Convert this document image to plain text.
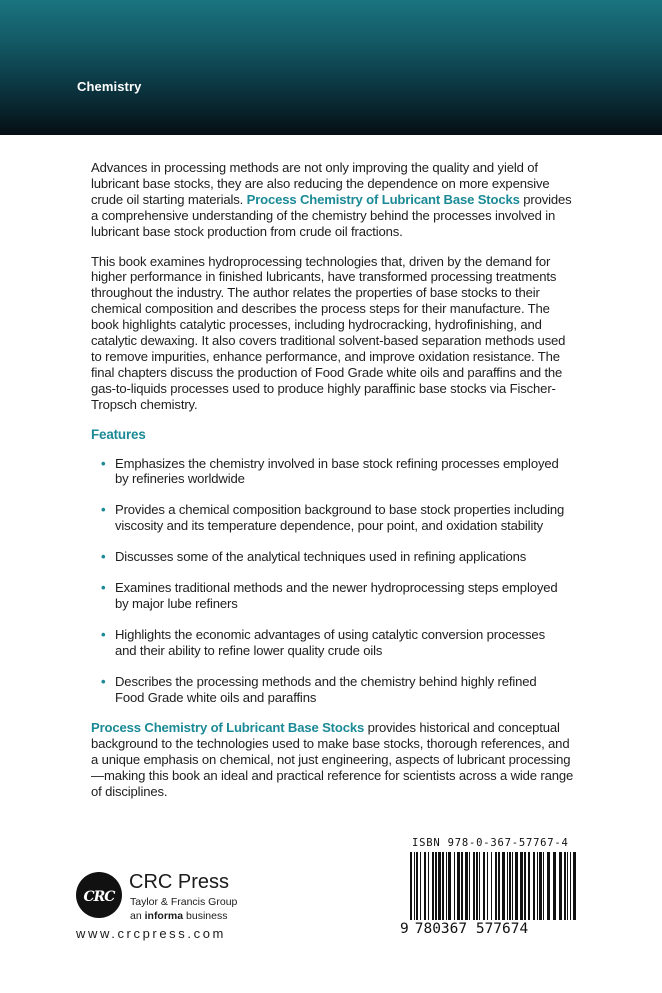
Chemistry

Advances in processing methods are not only improving the quality and yield of lubricant base stocks, they are also reducing the dependence on more expensive crude oil starting materials. Process Chemistry of Lubricant Base Stocks provides a comprehensive understanding of the chemistry behind the processes involved in lubricant base stock production from crude oil fractions.

This book examines hydroprocessing technologies that, driven by the demand for higher performance in finished lubricants, have transformed processing treatments throughout the industry. The author relates the properties of base stocks to their chemical composition and describes the process steps for their manufacture. The book highlights catalytic processes, including hydrocracking, hydrofinishing, and catalytic dewaxing. It also covers traditional solvent-based separation methods used to remove impurities, enhance performance, and improve oxidation resistance. The final chapters discuss the production of Food Grade white oils and paraffins and the gas-to-liquids processes used to produce highly paraffinic base stocks via Fischer-Tropsch chemistry.

Features
• Emphasizes the chemistry involved in base stock refining processes employed by refineries worldwide
• Provides a chemical composition background to base stock properties including viscosity and its temperature dependence, pour point, and oxidation stability
• Discusses some of the analytical techniques used in refining applications
• Examines traditional methods and the newer hydroprocessing steps employed by major lube refiners
• Highlights the economic advantages of using catalytic conversion processes and their ability to refine lower quality crude oils
• Describes the processing methods and the chemistry behind highly refined Food Grade white oils and paraffins

Process Chemistry of Lubricant Base Stocks provides historical and conceptual background to the technologies used to make base stocks, thorough references, and a unique emphasis on chemical, not just engineering, aspects of lubricant processing—making this book an ideal and practical reference for scientists across a wide range of disciplines.

CRC
CRC Press
Taylor & Francis Group
an informa business
www.crcpress.com
ISBN 978-0-367-57767-4
9 780367 577674
